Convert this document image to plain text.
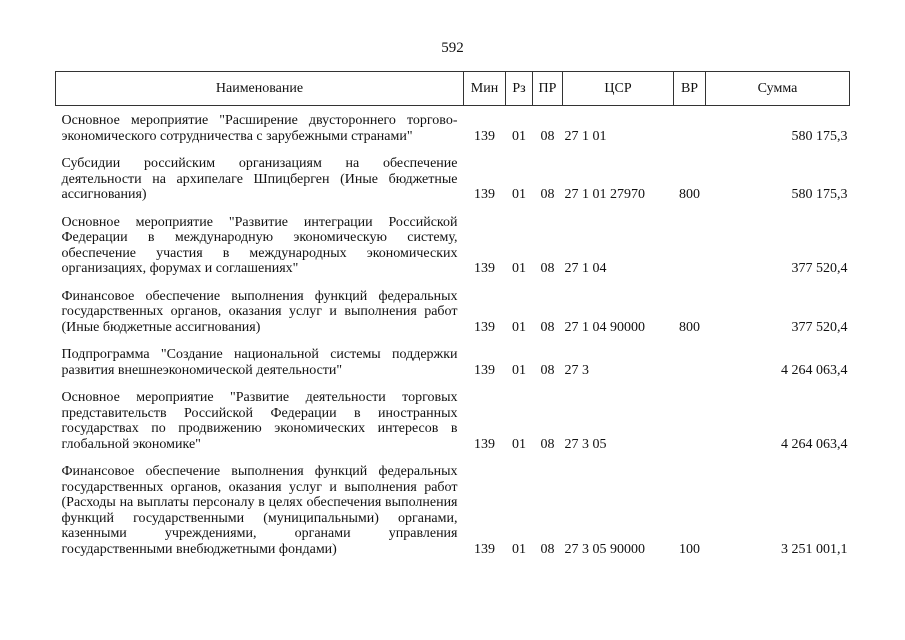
592
Наименование	Мин	Рз	ПР	ЦСР	ВР	Сумма
Основное мероприятие "Расширение двустороннего торгово-экономического сотрудничества с зарубежными странами"	139	01	08	27 1 01		580 175,3
Субсидии российским организациям на обеспечение деятельности на архипелаге Шпицберген (Иные бюджетные ассигнования)	139	01	08	27 1 01 27970	800	580 175,3
Основное мероприятие "Развитие интеграции Российской Федерации в международную экономическую систему, обеспечение участия в международных экономических организациях, форумах и соглашениях"	139	01	08	27 1 04		377 520,4
Финансовое обеспечение выполнения функций федеральных государственных органов, оказания услуг и выполнения работ (Иные бюджетные ассигнования)	139	01	08	27 1 04 90000	800	377 520,4
Подпрограмма "Создание национальной системы поддержки развития внешнеэкономической деятельности"	139	01	08	27 3		4 264 063,4
Основное мероприятие "Развитие деятельности торговых представительств Российской Федерации в иностранных государствах по продвижению экономических интересов в глобальной экономике"	139	01	08	27 3 05		4 264 063,4
Финансовое обеспечение выполнения функций федеральных государственных органов, оказания услуг и выполнения работ (Расходы на выплаты персоналу в целях обеспечения выполнения функций государственными (муниципальными) органами, казенными учреждениями, органами управления государственными внебюджетными фондами)	139	01	08	27 3 05 90000	100	3 251 001,1
